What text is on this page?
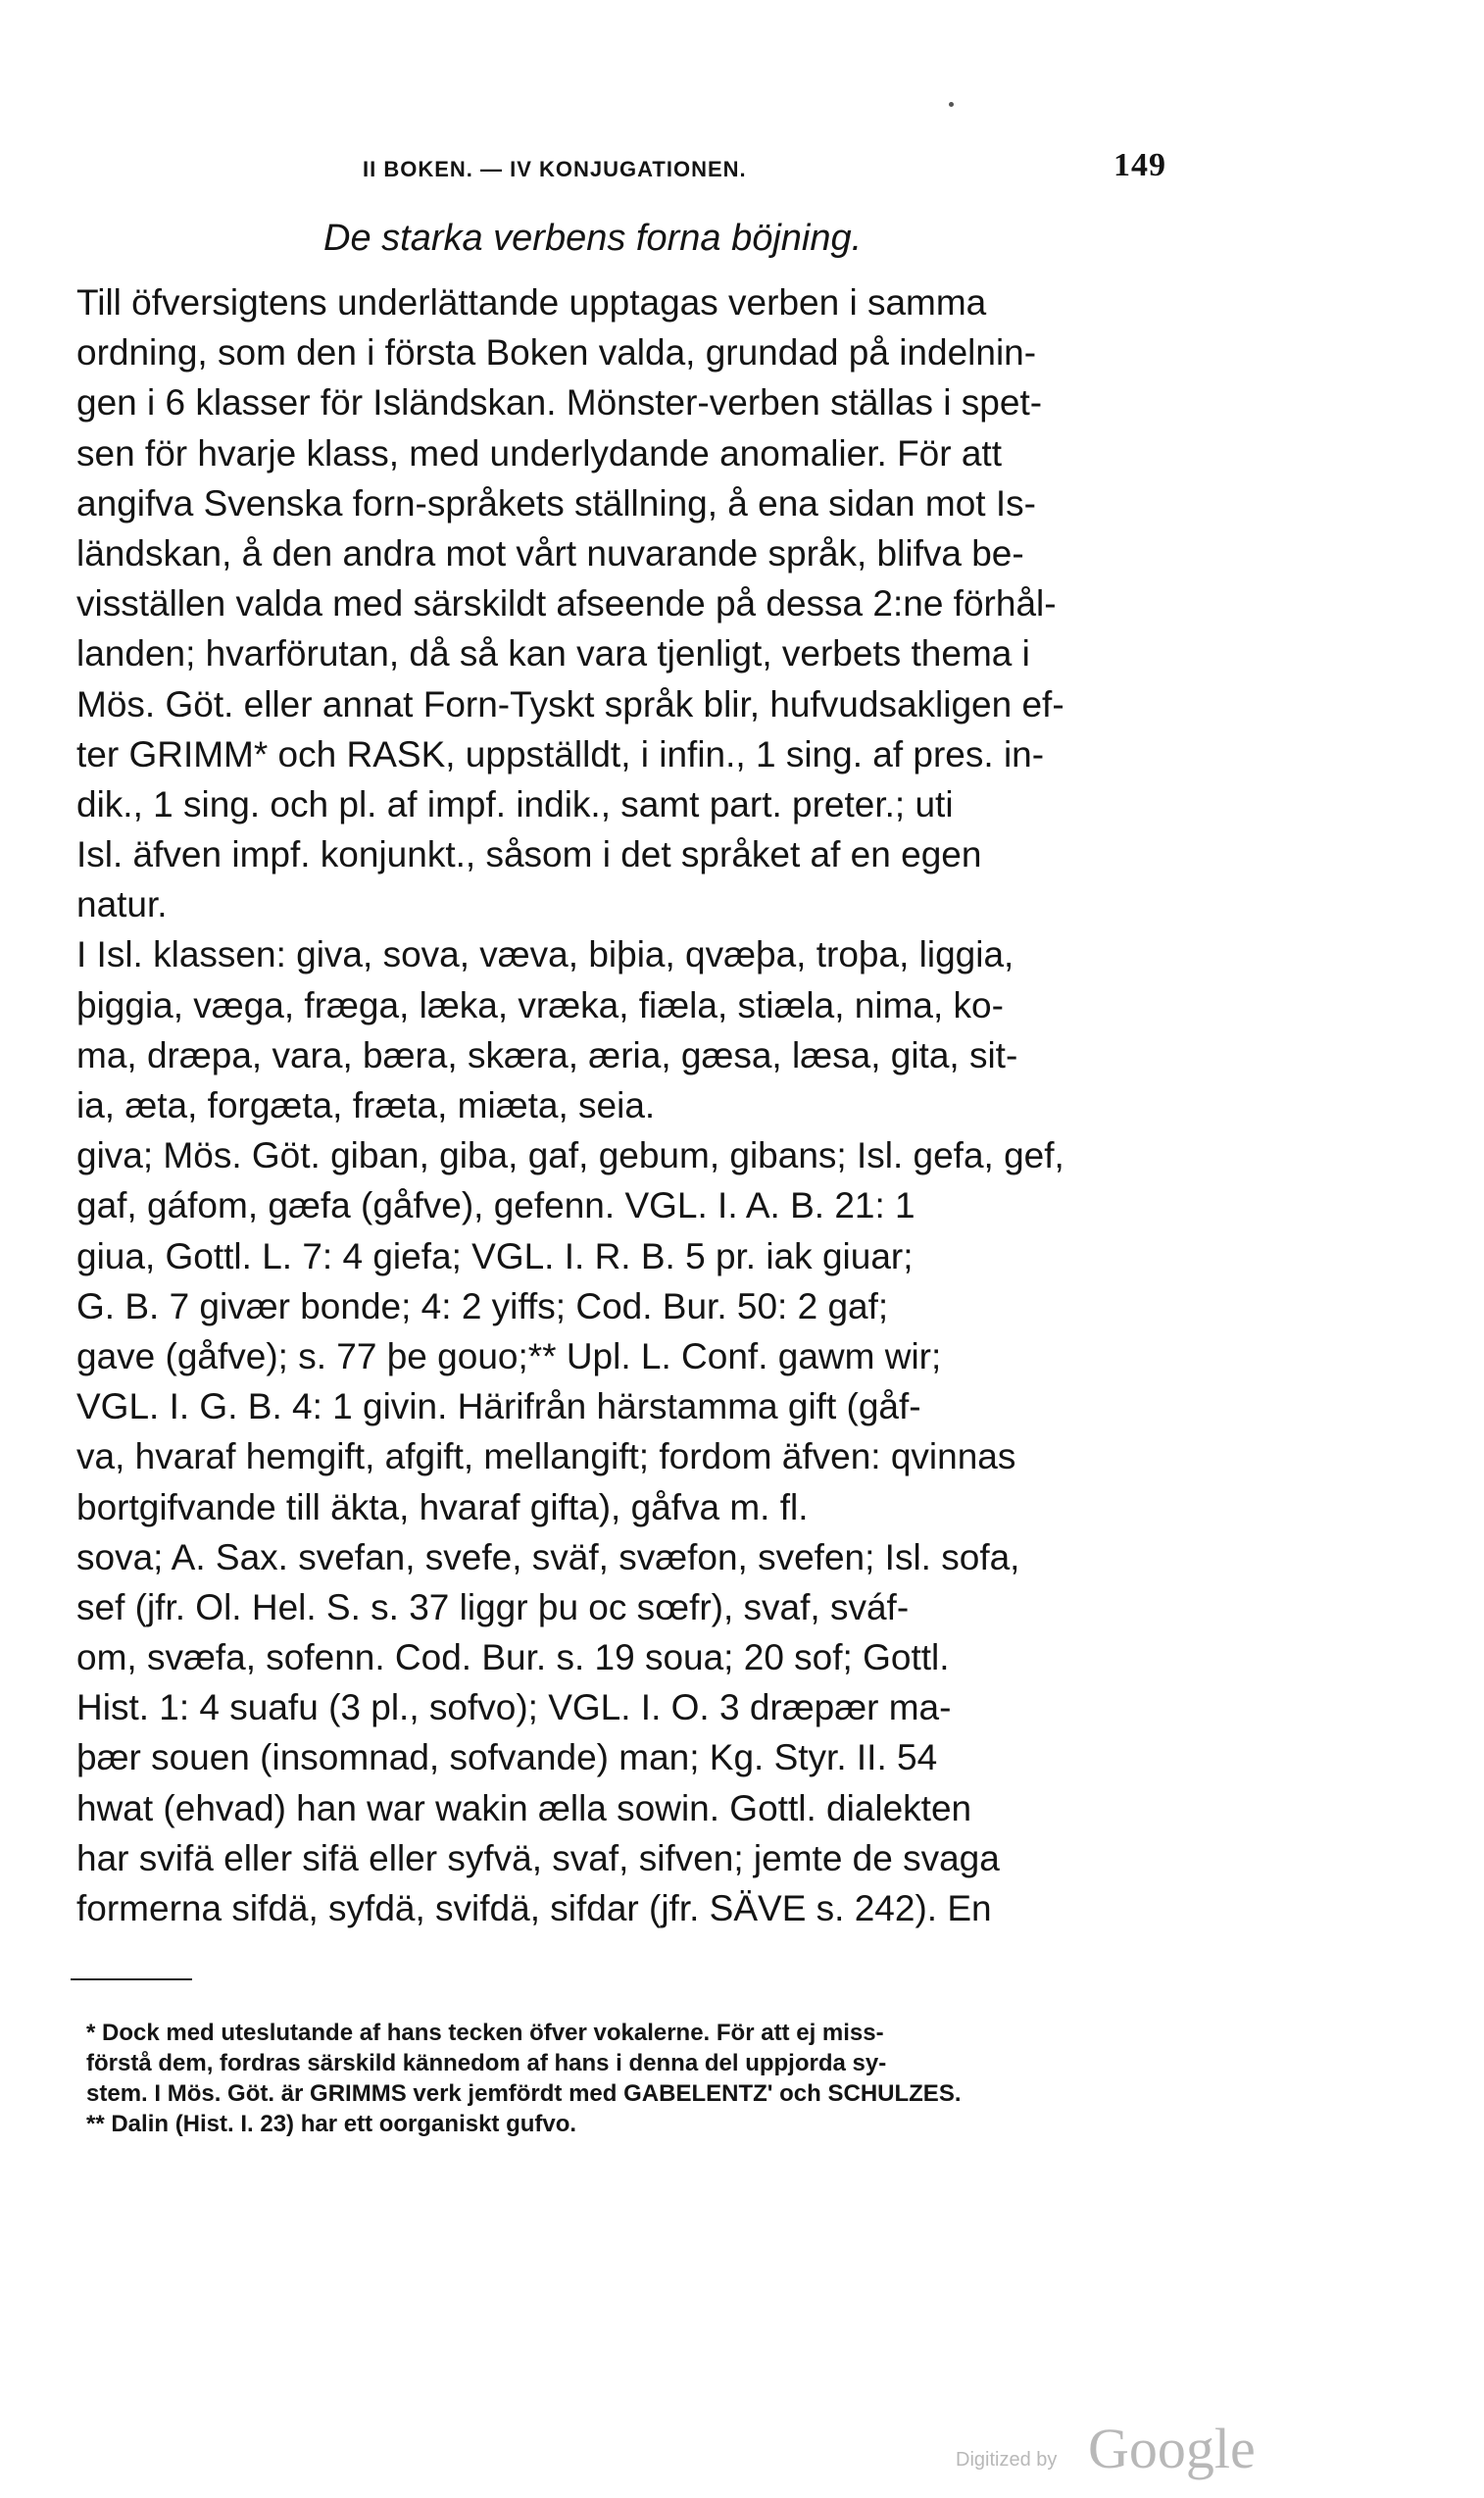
II BOKEN. — IV KONJUGATIONEN.	149
De starka verbens forna böjning.
Till öfversigtens underlättande upptagas verben i samma
ordning, som den i första Boken valda, grundad på indelnin-
gen i 6 klasser för Isländskan. Mönster-verben ställas i spet-
sen för hvarje klass, med underlydande anomalier. För att
angifva Svenska forn-språkets ställning, å ena sidan mot Is-
ländskan, å den andra mot vårt nuvarande språk, blifva be-
visställen valda med särskildt afseende på dessa 2:ne förhål-
landen; hvarförutan, då så kan vara tjenligt, verbets thema i
Mös. Göt. eller annat Forn-Tyskt språk blir, hufvudsakligen ef-
ter GRIMM* och RASK, uppställdt, i infin., 1 sing. af pres. in-
dik., 1 sing. och pl. af impf. indik., samt part. preter.; uti
Isl. äfven impf. konjunkt., såsom i det språket af en egen
natur.
I Isl. klassen: giva, sova, væva, biþia, qvæþa, troþa, liggia,
þiggia, væga, fræga, læka, vræka, fiæla, stiæla, nima, ko-
ma, dræpa, vara, bæra, skæra, æria, gæsa, læsa, gita, sit-
ia, æta, forgæta, fræta, miæta, seia.
giva; Mös. Göt. giban, giba, gaf, gebum, gibans; Isl. gefa, gef,
gaf, gáfom, gæfa (gåfve), gefenn. VGL. I. A. B. 21: 1
giua, Gottl. L. 7: 4 giefa; VGL. I. R. B. 5 pr. iak giuar;
G. B. 7 givær bonde; 4: 2 yiffs; Cod. Bur. 50: 2 gaf;
gave (gåfve); s. 77 þe gouo;** Upl. L. Conf. gawm wir;
VGL. I. G. B. 4: 1 givin. Härifrån härstamma gift (gåf-
va, hvaraf hemgift, afgift, mellangift; fordom äfven: qvinnas
bortgifvande till äkta, hvaraf gifta), gåfva m. fl.
sova; A. Sax. svefan, svefe, sväf, svæfon, svefen; Isl. sofa,
sef (jfr. Ol. Hel. S. s. 37 liggr þu oc sœfr), svaf, sváf-
om, svæfa, sofenn. Cod. Bur. s. 19 soua; 20 sof; Gottl.
Hist. 1: 4 suafu (3 pl., sofvo); VGL. I. O. 3 dræpær ma-
þær souen (insomnad, sofvande) man; Kg. Styr. II. 54
hwat (ehvad) han war wakin ælla sowin. Gottl. dialekten
har svifä eller sifä eller syfvä, svaf, sifven; jemte de svaga
formerna sifdä, syfdä, svifdä, sifdar (jfr. SÄVE s. 242). En
* Dock med uteslutande af hans tecken öfver vokalerne. För att ej miss-
förstå dem, fordras särskild kännedom af hans i denna del uppjorda sy-
stem. I Mös. Göt. är GRIMMS verk jemfördt med GABELENTZ' och SCHULZES.
** Dalin (Hist. I. 23) har ett oorganiskt gufvo.
Digitized by Google
